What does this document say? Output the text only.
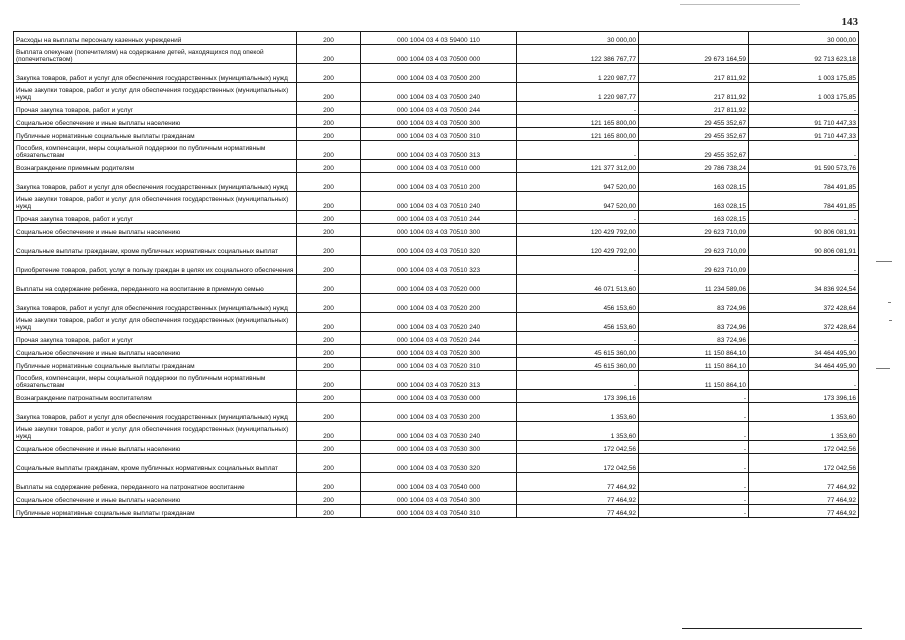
143
Расходы на выплаты персоналу казенных учреждений	200	000 1004 03 4 03 59400 110	30 000,00		30 000,00
Выплата опекунам (попечителям) на содержание детей, находящихся под опекой (попечительством)	200	000 1004 03 4 03 70500 000	122 386 767,77	29 673 164,59	92 713 623,18
Закупка товаров, работ и услуг для обеспечения государственных (муниципальных) нужд	200	000 1004 03 4 03 70500 200	1 220 987,77	217 811,92	1 003 175,85
Иные закупки товаров, работ и услуг для обеспечения государственных (муниципальных) нужд	200	000 1004 03 4 03 70500 240	1 220 987,77	217 811,92	1 003 175,85
Прочая закупка товаров, работ и услуг	200	000 1004 03 4 03 70500 244	-	217 811,92	-
Социальное обеспечение и иные выплаты населению	200	000 1004 03 4 03 70500 300	121 165 800,00	29 455 352,67	91 710 447,33
Публичные нормативные социальные выплаты гражданам	200	000 1004 03 4 03 70500 310	121 165 800,00	29 455 352,67	91 710 447,33
Пособия, компенсации, меры социальной поддержки по публичным нормативным обязательствам	200	000 1004 03 4 03 70500 313	-	29 455 352,67	-
Вознаграждение приемным родителям	200	000 1004 03 4 03 70510 000	121 377 312,00	29 786 738,24	91 590 573,76
Закупка товаров, работ и услуг для обеспечения государственных (муниципальных) нужд	200	000 1004 03 4 03 70510 200	947 520,00	163 028,15	784 491,85
Иные закупки товаров, работ и услуг для обеспечения государственных (муниципальных) нужд	200	000 1004 03 4 03 70510 240	947 520,00	163 028,15	784 491,85
Прочая закупка товаров, работ и услуг	200	000 1004 03 4 03 70510 244	-	163 028,15	-
Социальное обеспечение и иные выплаты населению	200	000 1004 03 4 03 70510 300	120 429 792,00	29 623 710,09	90 806 081,91
Социальные выплаты гражданам, кроме публичных нормативных социальных выплат	200	000 1004 03 4 03 70510 320	120 429 792,00	29 623 710,09	90 806 081,91
Приобретение товаров, работ, услуг в пользу граждан в целях их социального обеспечения	200	000 1004 03 4 03 70510 323	-	29 623 710,09	-
Выплаты на содержание ребенка, переданного на воспитание в приемную семью	200	000 1004 03 4 03 70520 000	46 071 513,60	11 234 589,06	34 836 924,54
Закупка товаров, работ и услуг для обеспечения государственных (муниципальных) нужд	200	000 1004 03 4 03 70520 200	456 153,60	83 724,96	372 428,64
Иные закупки товаров, работ и услуг для обеспечения государственных (муниципальных) нужд	200	000 1004 03 4 03 70520 240	456 153,60	83 724,96	372 428,64
Прочая закупка товаров, работ и услуг	200	000 1004 03 4 03 70520 244	-	83 724,96	-
Социальное обеспечение и иные выплаты населению	200	000 1004 03 4 03 70520 300	45 615 360,00	11 150 864,10	34 464 495,90
Публичные нормативные социальные выплаты гражданам	200	000 1004 03 4 03 70520 310	45 615 360,00	11 150 864,10	34 464 495,90
Пособия, компенсации, меры социальной поддержки по публичным нормативным обязательствам	200	000 1004 03 4 03 70520 313	-	11 150 864,10	-
Вознаграждение патронатным воспитателям	200	000 1004 03 4 03 70530 000	173 396,16	-	173 396,16
Закупка товаров, работ и услуг для обеспечения государственных (муниципальных) нужд	200	000 1004 03 4 03 70530 200	1 353,60	-	1 353,60
Иные закупки товаров, работ и услуг для обеспечения государственных (муниципальных) нужд	200	000 1004 03 4 03 70530 240	1 353,60	-	1 353,60
Социальное обеспечение и иные выплаты населению	200	000 1004 03 4 03 70530 300	172 042,56	-	172 042,56
Социальные выплаты гражданам, кроме публичных нормативных социальных выплат	200	000 1004 03 4 03 70530 320	172 042,56	-	172 042,56
Выплаты на содержание ребенка, переданного на патронатное воспитание	200	000 1004 03 4 03 70540 000	77 464,92	-	77 464,92
Социальное обеспечение и иные выплаты населению	200	000 1004 03 4 03 70540 300	77 464,92	-	77 464,92
Публичные нормативные социальные выплаты гражданам	200	000 1004 03 4 03 70540 310	77 464,92	-	77 464,92
